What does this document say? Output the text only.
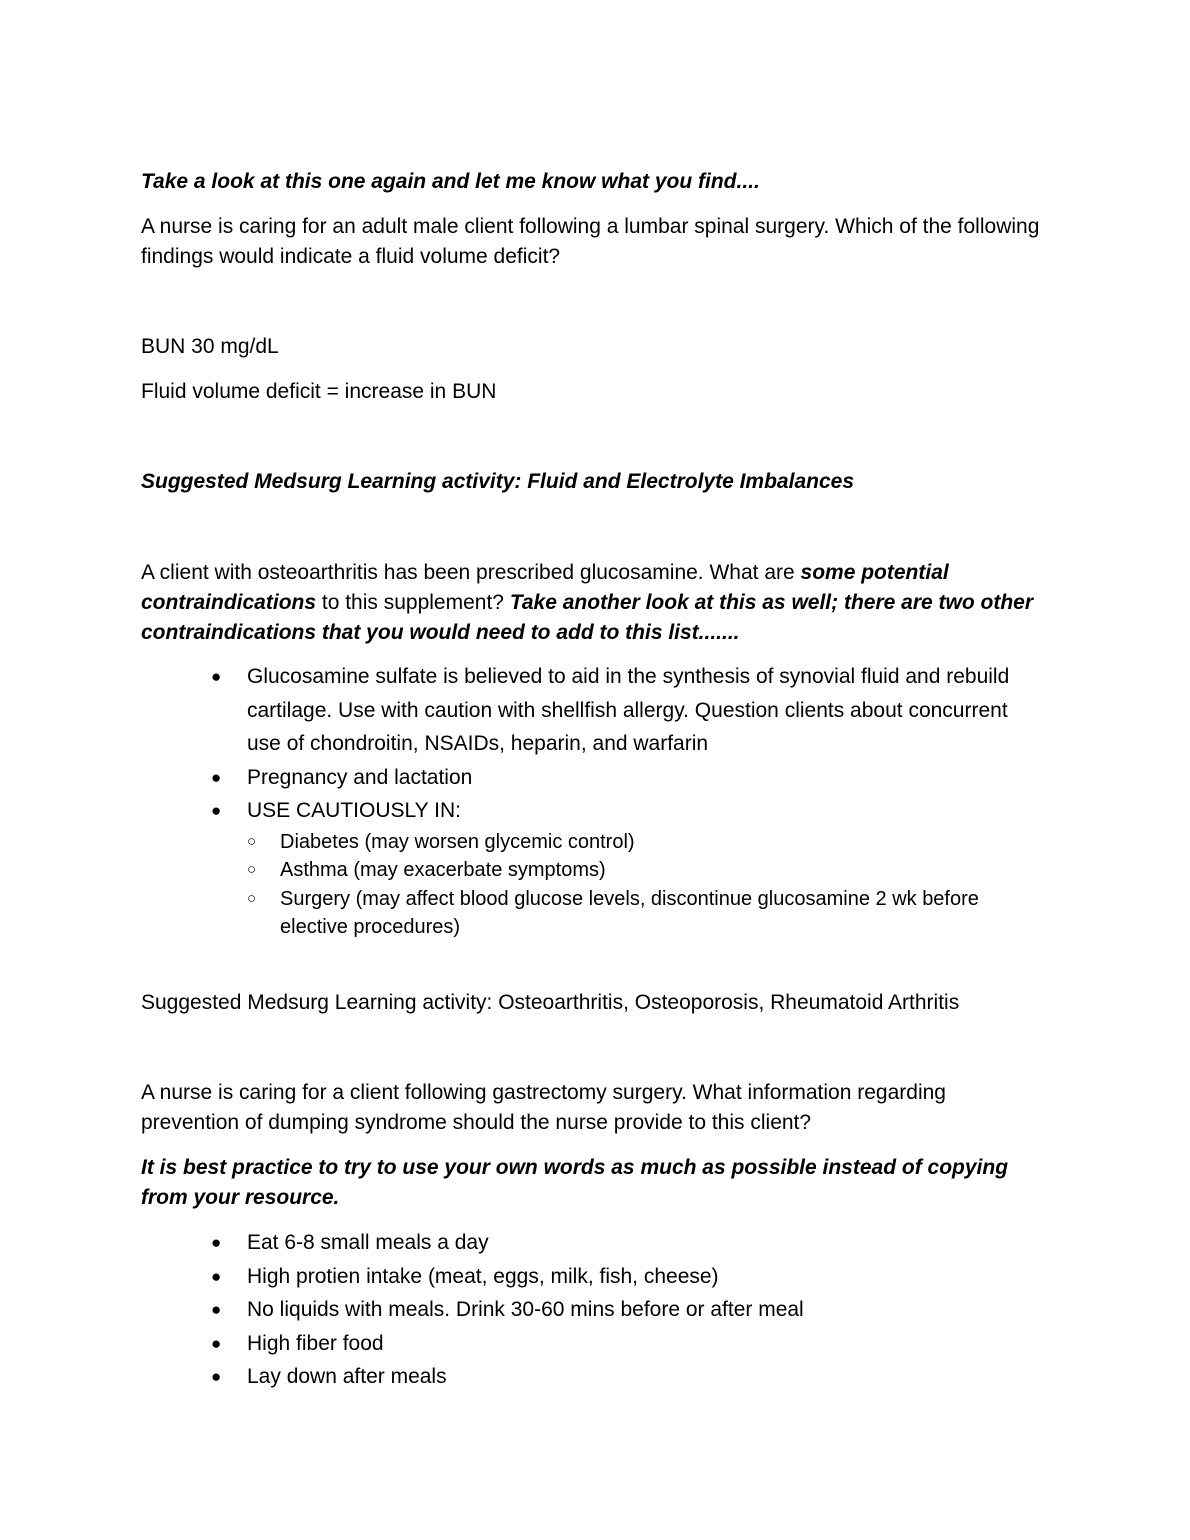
Take a look at this one again and let me know what you find....

A nurse is caring for an adult male client following a lumbar spinal surgery. Which of the following findings would indicate a fluid volume deficit?

BUN 30 mg/dL

Fluid volume deficit = increase in BUN

Suggested Medsurg Learning activity: Fluid and Electrolyte Imbalances

A client with osteoarthritis has been prescribed glucosamine. What are some potential contraindications to this supplement? Take another look at this as well; there are two other contraindications that you would need to add to this list.......

● Glucosamine sulfate is believed to aid in the synthesis of synovial fluid and rebuild cartilage. Use with caution with shellfish allergy. Question clients about concurrent use of chondroitin, NSAIDs, heparin, and warfarin
● Pregnancy and lactation
● USE CAUTIOUSLY IN:
○ Diabetes (may worsen glycemic control)
○ Asthma (may exacerbate symptoms)
○ Surgery (may affect blood glucose levels, discontinue glucosamine 2 wk before elective procedures)

Suggested Medsurg Learning activity: Osteoarthritis, Osteoporosis, Rheumatoid Arthritis

A nurse is caring for a client following gastrectomy surgery. What information regarding prevention of dumping syndrome should the nurse provide to this client?

It is best practice to try to use your own words as much as possible instead of copying from your resource.

● Eat 6-8 small meals a day
● High protien intake (meat, eggs, milk, fish, cheese)
● No liquids with meals. Drink 30-60 mins before or after meal
● High fiber food
● Lay down after meals
